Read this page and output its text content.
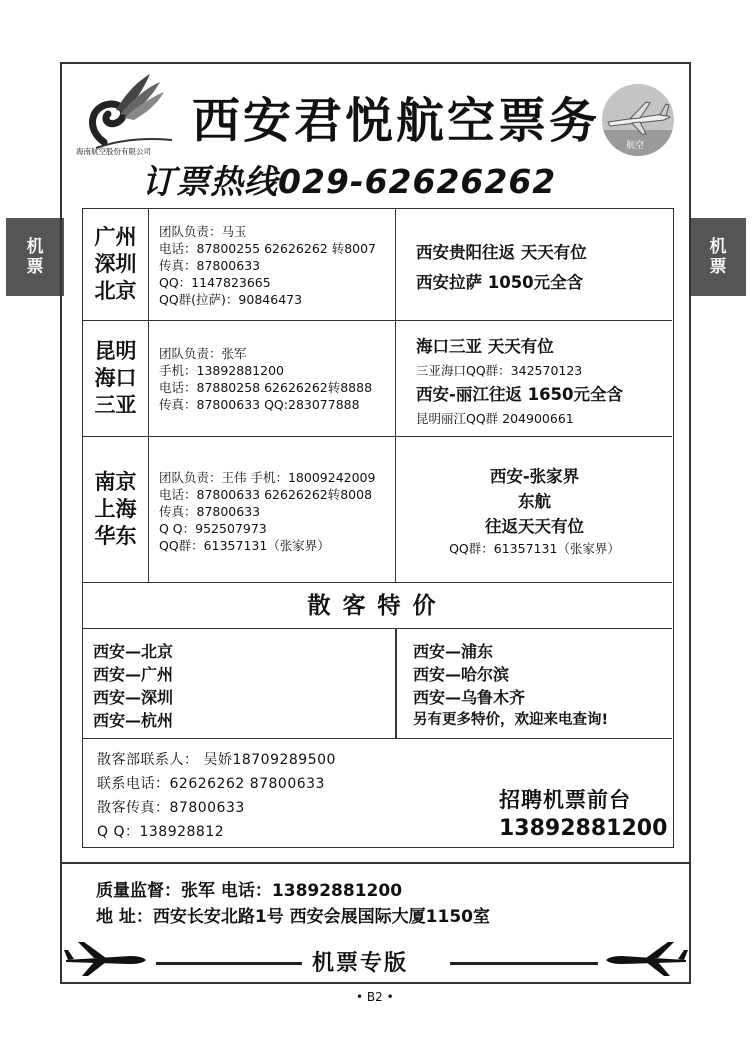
机票
机票
海南航空股份有限公司
西安君悦航空票务	航空
订票热线029-62626262
广州
深圳
北京
团队负责：马玉
电话：87800255 62626262 转8007
传真：87800633
QQ：1147823665
QQ群(拉萨)：90846473
西安贵阳往返 天天有位
西安拉萨 1050元全含
昆明
海口
三亚
团队负责：张军
手机：13892881200
电话：87880258 62626262转8888
传真：87800633 QQ:283077888
海口三亚 天天有位
三亚海口QQ群：342570123
西安-丽江往返 1650元全含
昆明丽江QQ群 204900661
南京
上海
华东
团队负责：王伟 手机：18009242009
电话：87800633 62626262转8008
传真：87800633
Q Q：952507973
QQ群：61357131（张家界）
西安-张家界
东航
往返天天有位
QQ群：61357131（张家界）
散客特价
西安—北京
西安—广州
西安—深圳
西安—杭州
西安—浦东
西安—哈尔滨
西安—乌鲁木齐
另有更多特价，欢迎来电查询!
散客部联系人： 吴娇18709289500
联系电话：62626262 87800633
散客传真：87800633
Q Q：138928812
招聘机票前台
13892881200
质量监督：张军 电话：13892881200
地 址：西安长安北路1号 西安会展国际大厦1150室
机票专版
• B2 •
